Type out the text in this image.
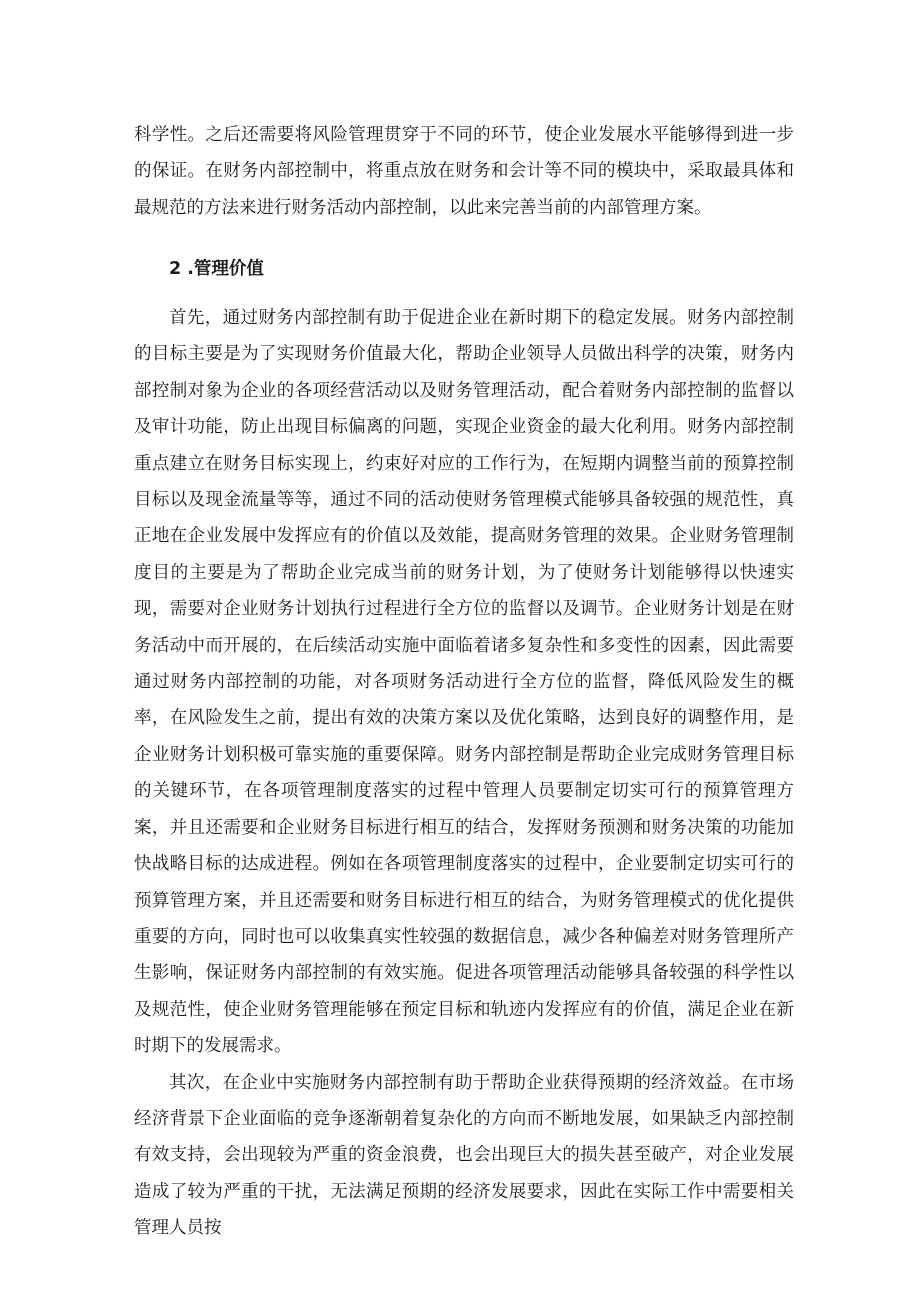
科学性。之后还需要将风险管理贯穿于不同的环节，使企业发展水平能够得到进一步的保证。在财务内部控制中，将重点放在财务和会计等不同的模块中，采取最具体和最规范的方法来进行财务活动内部控制，以此来完善当前的内部管理方案。

2 .管理价值

首先，通过财务内部控制有助于促进企业在新时期下的稳定发展。财务内部控制的目标主要是为了实现财务价值最大化，帮助企业领导人员做出科学的决策，财务内部控制对象为企业的各项经营活动以及财务管理活动，配合着财务内部控制的监督以及审计功能，防止出现目标偏离的问题，实现企业资金的最大化利用。财务内部控制重点建立在财务目标实现上，约束好对应的工作行为，在短期内调整当前的预算控制目标以及现金流量等等，通过不同的活动使财务管理模式能够具备较强的规范性，真正地在企业发展中发挥应有的价值以及效能，提高财务管理的效果。企业财务管理制度目的主要是为了帮助企业完成当前的财务计划，为了使财务计划能够得以快速实现，需要对企业财务计划执行过程进行全方位的监督以及调节。企业财务计划是在财务活动中而开展的，在后续活动实施中面临着诸多复杂性和多变性的因素，因此需要通过财务内部控制的功能，对各项财务活动进行全方位的监督，降低风险发生的概率，在风险发生之前，提出有效的决策方案以及优化策略，达到良好的调整作用，是企业财务计划积极可靠实施的重要保障。财务内部控制是帮助企业完成财务管理目标的关键环节，在各项管理制度落实的过程中管理人员要制定切实可行的预算管理方案，并且还需要和企业财务目标进行相互的结合，发挥财务预测和财务决策的功能加快战略目标的达成进程。例如在各项管理制度落实的过程中，企业要制定切实可行的预算管理方案，并且还需要和财务目标进行相互的结合，为财务管理模式的优化提供重要的方向，同时也可以收集真实性较强的数据信息，减少各种偏差对财务管理所产生影响，保证财务内部控制的有效实施。促进各项管理活动能够具备较强的科学性以及规范性，使企业财务管理能够在预定目标和轨迹内发挥应有的价值，满足企业在新时期下的发展需求。

其次，在企业中实施财务内部控制有助于帮助企业获得预期的经济效益。在市场经济背景下企业面临的竞争逐渐朝着复杂化的方向而不断地发展，如果缺乏内部控制有效支持，会出现较为严重的资金浪费，也会出现巨大的损失甚至破产，对企业发展造成了较为严重的干扰，无法满足预期的经济发展要求，因此在实际工作中需要相关管理人员按
